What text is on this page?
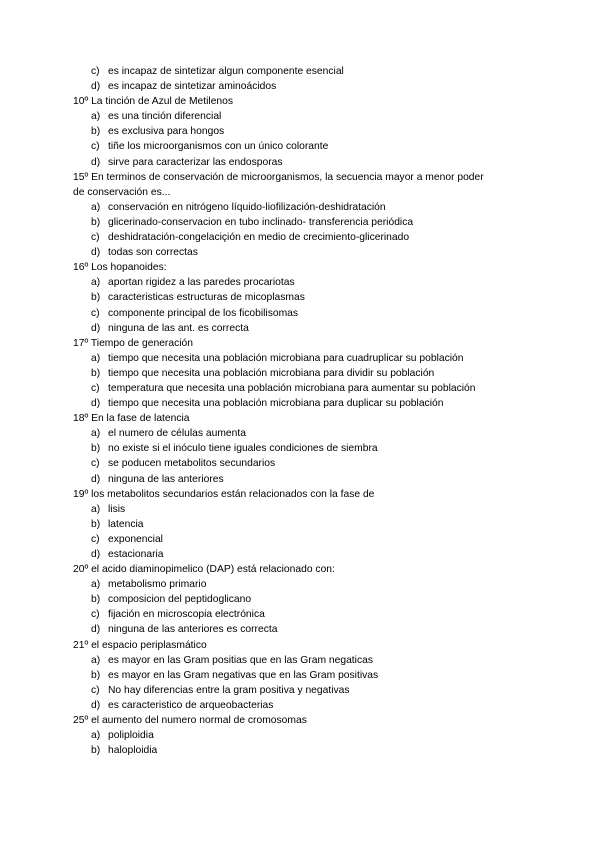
c) es incapaz de sintetizar algun componente esencial
d) es incapaz de sintetizar aminoácidos
10º La tinción de Azul de Metilenos
a) es una tinción diferencial
b) es exclusiva para hongos
c) tiñe los microorganismos con un único colorante
d) sirve para caracterizar las endosporas
15º En terminos de conservación de microorganismos, la secuencia mayor a menor poder
de conservación es...
a) conservación en nitrógeno líquido-liofilización-deshidratación
b) glicerinado-conservacion en tubo inclinado- transferencia periódica
c) deshidratación-congelaciçión en medio de crecimiento-glicerinado
d) todas son correctas
16º Los hopanoides:
a) aportan rigidez a las paredes procariotas
b) caracteristicas estructuras de micoplasmas
c) componente principal de los ficobilisomas
d) ninguna de las ant. es correcta
17º Tiempo de generación
a) tiempo que necesita una población microbiana para cuadruplicar su población
b) tiempo que necesita una población microbiana para dividir su población
c) temperatura que necesita una población microbiana para aumentar su población
d) tiempo que necesita una población microbiana para duplicar su población
18º En la fase de latencia
a) el numero de células aumenta
b) no existe si el inóculo tiene iguales condiciones de siembra
c) se poducen metabolitos secundarios
d) ninguna de las anteriores
19º los metabolitos secundarios están relacionados con la fase de
a) lisis
b) latencia
c) exponencial
d) estacionaria
20º el acido diaminopimelico (DAP) está relacionado con:
a) metabolismo primario
b) composicion del peptidoglicano
c) fijación en microscopia electrónica
d) ninguna de las anteriores es correcta
21º el espacio periplasmático
a) es mayor en las Gram positias que en las Gram negaticas
b) es mayor en las Gram negativas que en las Gram positivas
c) No hay diferencias entre la gram positiva y negativas
d) es caracteristico de arqueobacterias
25º el aumento del numero normal de cromosomas
a) poliploidia
b) haloploidia
